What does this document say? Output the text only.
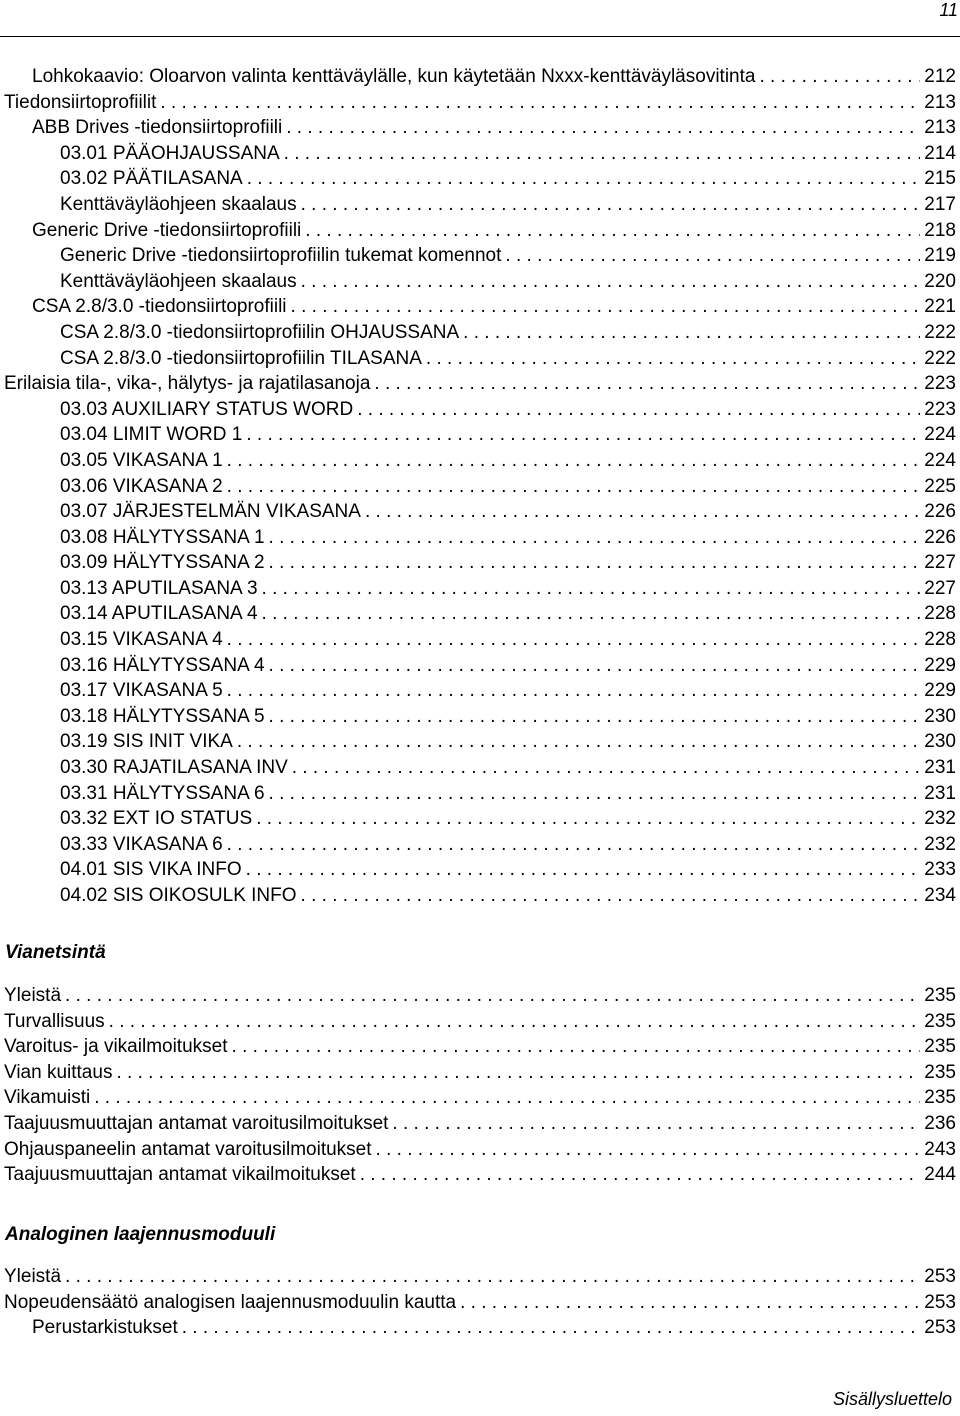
11
Lohkokaavio: Oloarvon valinta kenttäväylälle, kun käytetään Nxxx-kenttäväyläsovitinta . . .	212
Tiedonsiirtoprofiilit . . .	213
ABB Drives -tiedonsiirtoprofiili . . .	213
03.01 PÄÄOHJAUSSANA . . .	214
03.02 PÄÄTILASANA . . .	215
Kenttäväyläohjeen skaalaus . . .	217
Generic Drive -tiedonsiirtoprofiili . . .	218
Generic Drive -tiedonsiirtoprofiilin tukemat komennot . . .	219
Kenttäväyläohjeen skaalaus . . .	220
CSA 2.8/3.0 -tiedonsiirtoprofiili . . .	221
CSA 2.8/3.0 -tiedonsiirtoprofiilin OHJAUSSANA . . .	222
CSA 2.8/3.0 -tiedonsiirtoprofiilin TILASANA . . .	222
Erilaisia tila-, vika-, hälytys- ja rajatilasanoja . . .	223
03.03 AUXILIARY STATUS WORD . . .	223
03.04 LIMIT WORD 1 . . .	224
03.05 VIKASANA 1 . . .	224
03.06 VIKASANA 2 . . .	225
03.07 JÄRJESTELMÄN VIKASANA . . .	226
03.08 HÄLYTYSSANA 1 . . .	226
03.09 HÄLYTYSSANA 2 . . .	227
03.13 APUTILASANA 3 . . .	227
03.14 APUTILASANA 4 . . .	228
03.15 VIKASANA 4 . . .	228
03.16 HÄLYTYSSANA 4 . . .	229
03.17 VIKASANA 5 . . .	229
03.18 HÄLYTYSSANA 5 . . .	230
03.19 SIS INIT VIKA . . .	230
03.30 RAJATILASANA INV . . .	231
03.31 HÄLYTYSSANA 6 . . .	231
03.32 EXT IO STATUS . . .	232
03.33 VIKASANA 6 . . .	232
04.01 SIS VIKA INFO . . .	233
04.02 SIS OIKOSULK INFO . . .	234
Vianetsintä
Yleistä . . .	235
Turvallisuus . . .	235
Varoitus- ja vikailmoitukset . . .	235
Vian kuittaus . . .	235
Vikamuisti . . .	235
Taajuusmuuttajan antamat varoitusilmoitukset . . .	236
Ohjauspaneelin antamat varoitusilmoitukset . . .	243
Taajuusmuuttajan antamat vikailmoitukset . . .	244
Analoginen laajennusmoduuli
Yleistä . . .	253
Nopeudensäätö analogisen laajennusmoduulin kautta . . .	253
Perustarkistukset . . .	253
Sisällysluettelo
